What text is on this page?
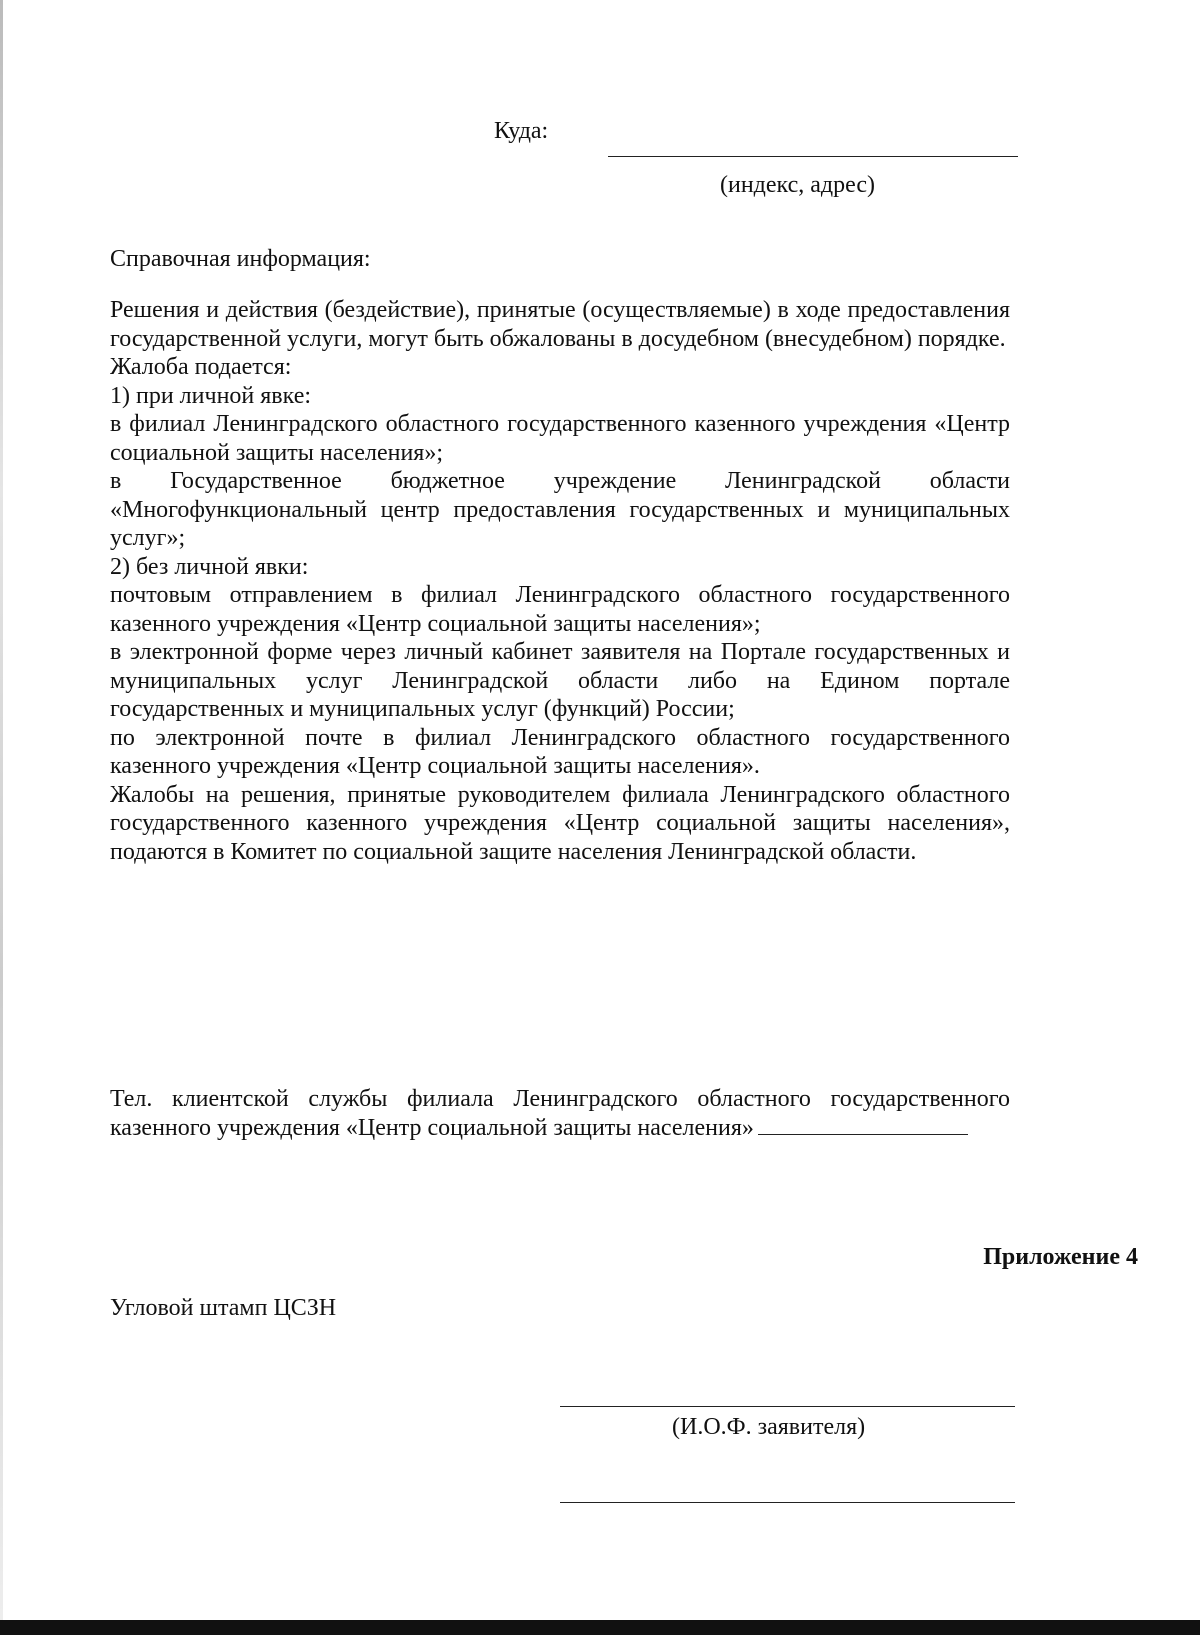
Куда:
(индекс, адрес)
Справочная информация:

Решения и действия (бездействие), принятые (осуществляемые) в ходе предоставления государственной услуги, могут быть обжалованы в досудебном (внесудебном) порядке.

Жалоба подается:

1) при личной явке:

в филиал Ленинградского областного государственного казенного учреждения «Центр социальной защиты населения»;

в Государственное бюджетное учреждение Ленинградской области «Многофункциональный центр предоставления государственных и муниципальных услуг»;

2) без личной явки:

почтовым отправлением в филиал Ленинградского областного государственного казенного учреждения «Центр социальной защиты населения»;

в электронной форме через личный кабинет заявителя на Портале государственных и муниципальных услуг Ленинградской области либо на Едином портале государственных и муниципальных услуг (функций) России;

по электронной почте в филиал Ленинградского областного государственного казенного учреждения «Центр социальной защиты населения».

Жалобы на решения, принятые руководителем филиала Ленинградского областного государственного казенного учреждения «Центр социальной защиты населения», подаются в Комитет по социальной защите населения Ленинградской области.

Тел. клиентской службы филиала Ленинградского областного государственного казенного учреждения «Центр социальной защиты населения»
Приложение 4
Угловой штамп ЦСЗН
(И.О.Ф. заявителя)
